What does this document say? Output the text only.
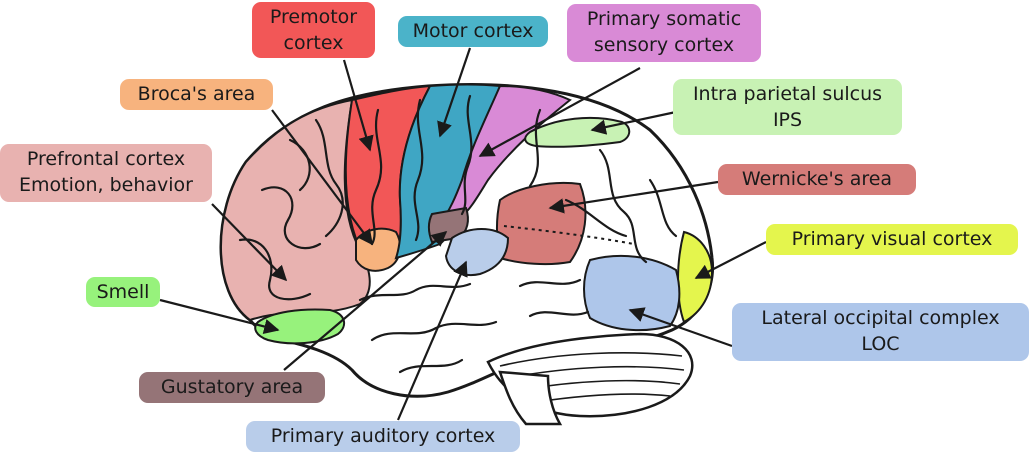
Premotor
cortex
Motor cortex
Primary somatic
sensory cortex
Broca's area	Intra parietal sulcus
IPS
Prefrontal cortex
Emotion, behavior	Wernicke's area
Primary visual cortex
Smell
Lateral occipital complex
LOC
Gustatory area
Primary auditory cortex
